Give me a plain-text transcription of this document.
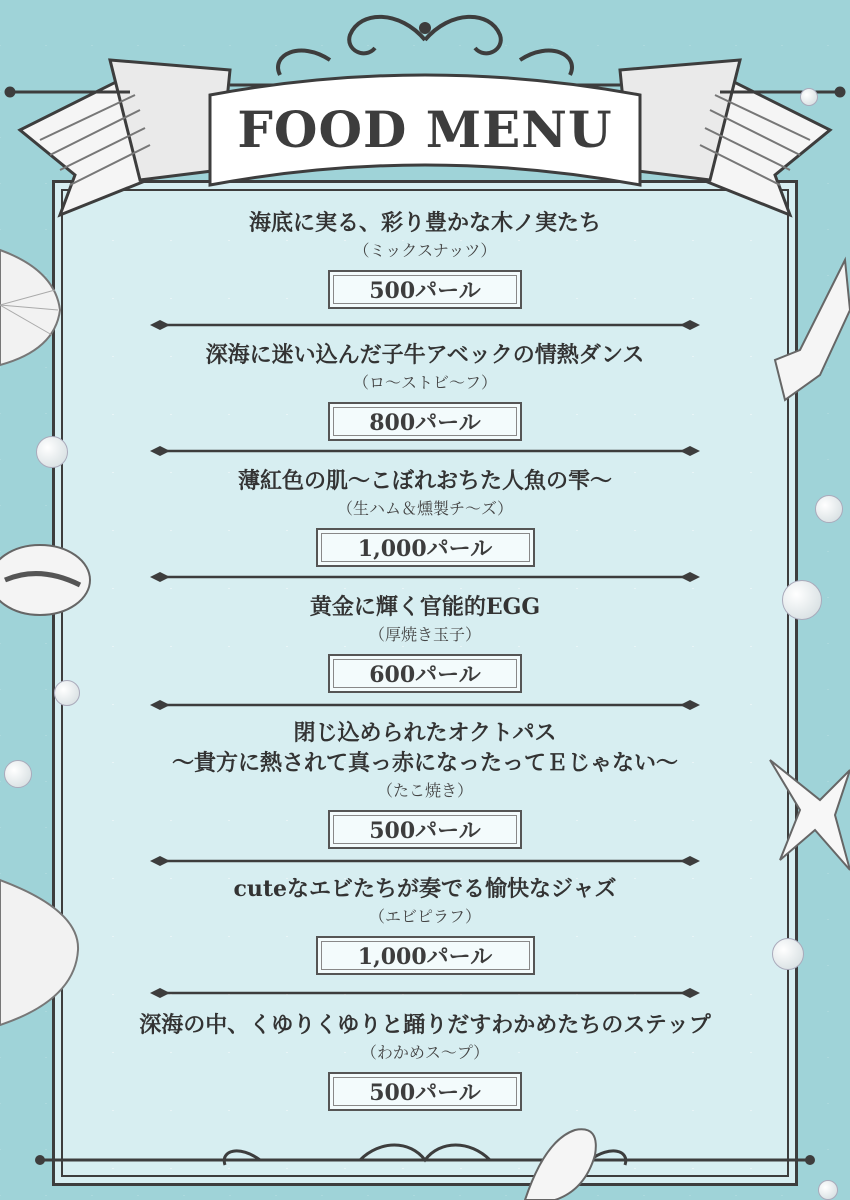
FOOD MENU
海底に実る、彩り豊かな木ノ実たち
（ミックスナッツ）
500パール
深海に迷い込んだ子牛アベックの情熱ダンス
（ロ～ストビ～フ）
800パール
薄紅色の肌～こぼれおちた人魚の雫～
（生ハム＆燻製チ～ズ）
1,000パール
黄金に輝く官能的EGG
（厚焼き玉子）
600パール
閉じ込められたオクトパス
～貴方に熱されて真っ赤になったってＥじゃない～
（たこ焼き）
500パール
cuteなエビたちが奏でる愉快なジャズ
（エビピラフ）
1,000パール
深海の中、くゆりくゆりと踊りだすわかめたちのステップ
（わかめス～プ）
500パール
